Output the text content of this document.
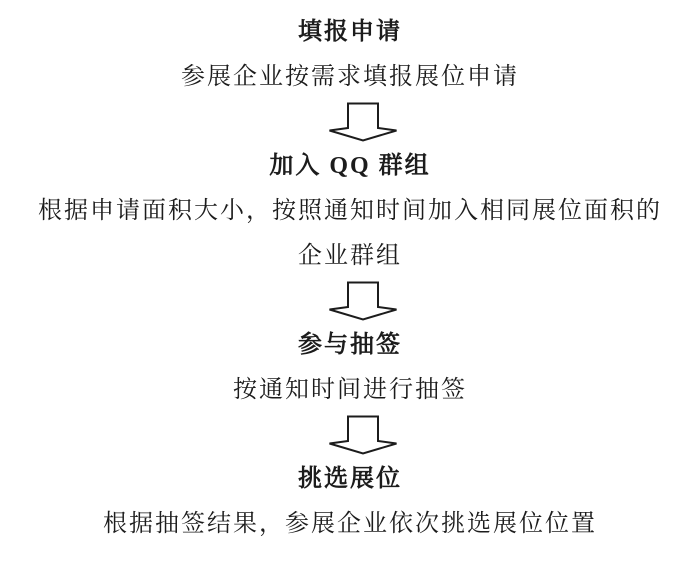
填报申请
参展企业按需求填报展位申请
加入 QQ 群组
根据申请面积大小，按照通知时间加入相同展位面积的
企业群组
参与抽签
按通知时间进行抽签
挑选展位
根据抽签结果，参展企业依次挑选展位位置
